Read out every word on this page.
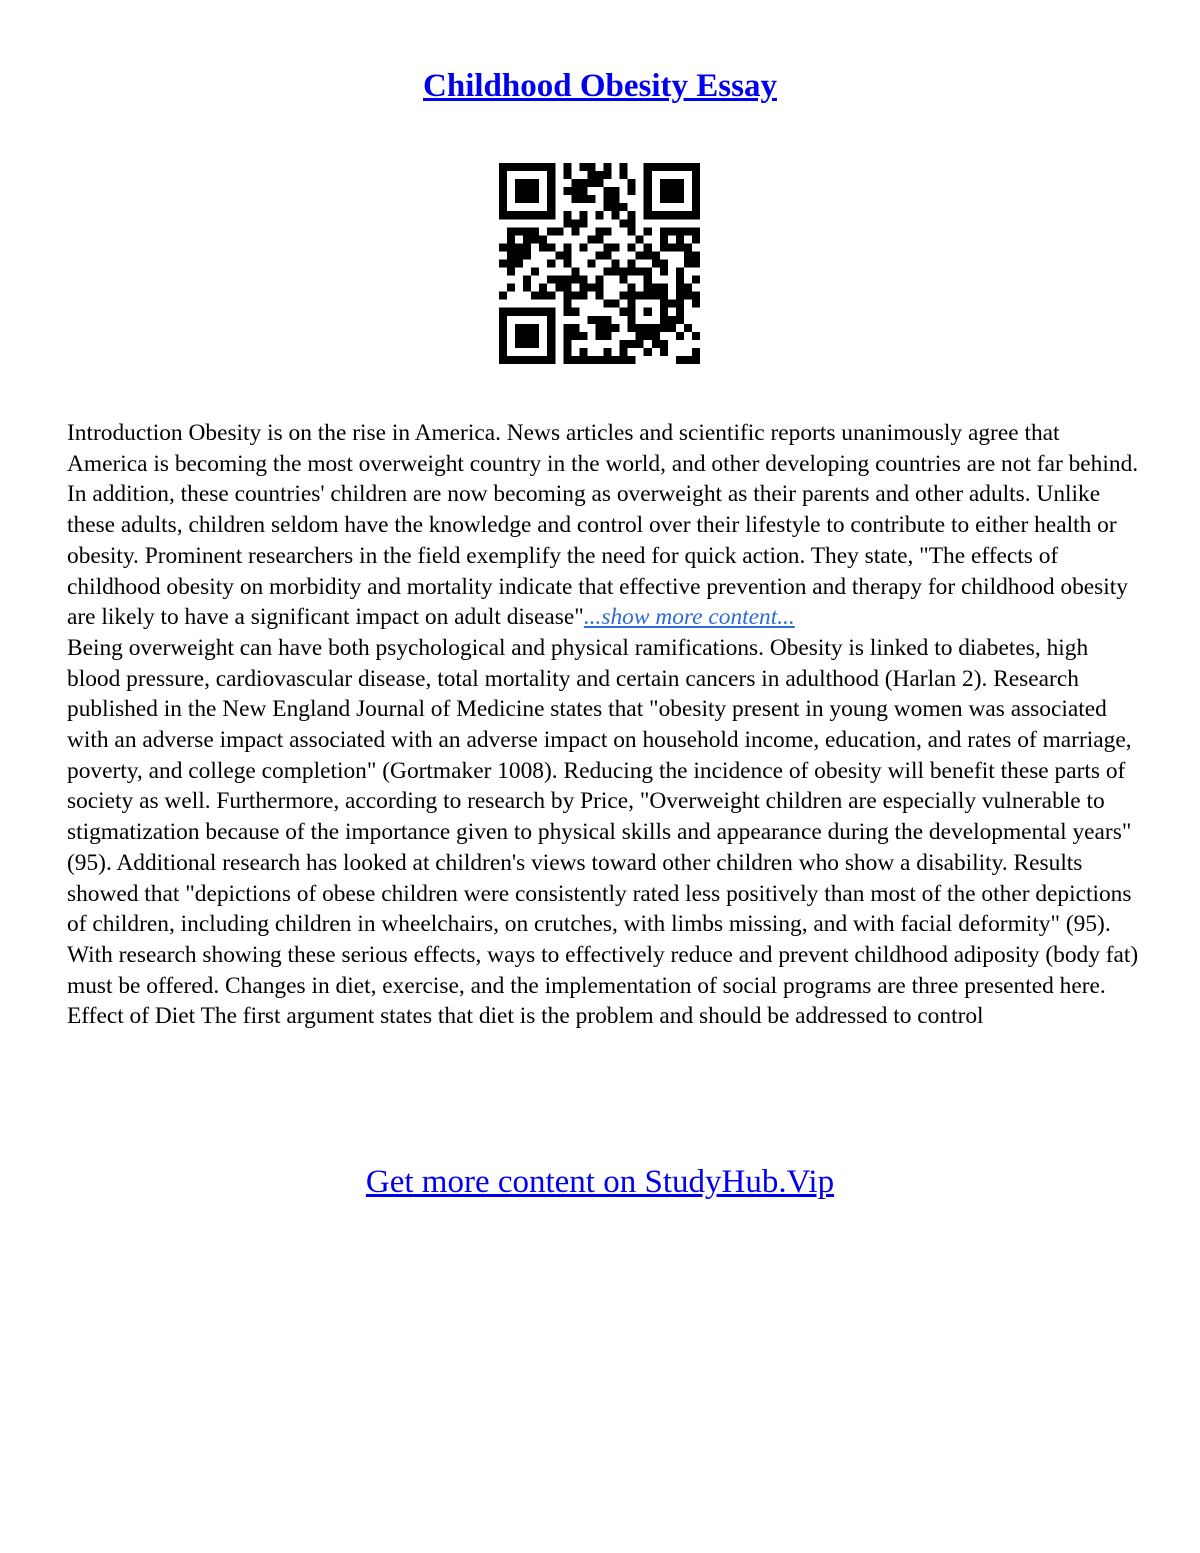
Childhood Obesity Essay

Introduction Obesity is on the rise in America. News articles and scientific reports unanimously agree that America is becoming the most overweight country in the world, and other developing countries are not far behind. In addition, these countries' children are now becoming as overweight as their parents and other adults. Unlike these adults, children seldom have the knowledge and control over their lifestyle to contribute to either health or obesity. Prominent researchers in the field exemplify the need for quick action. They state, "The effects of childhood obesity on morbidity and mortality indicate that effective prevention and therapy for childhood obesity are likely to have a significant impact on adult disease"...show more content...

Being overweight can have both psychological and physical ramifications. Obesity is linked to diabetes, high blood pressure, cardiovascular disease, total mortality and certain cancers in adulthood (Harlan 2). Research published in the New England Journal of Medicine states that "obesity present in young women was associated with an adverse impact associated with an adverse impact on household income, education, and rates of marriage, poverty, and college completion" (Gortmaker 1008). Reducing the incidence of obesity will benefit these parts of society as well. Furthermore, according to research by Price, "Overweight children are especially vulnerable to stigmatization because of the importance given to physical skills and appearance during the developmental years" (95). Additional research has looked at children's views toward other children who show a disability. Results showed that "depictions of obese children were consistently rated less positively than most of the other depictions of children, including children in wheelchairs, on crutches, with limbs missing, and with facial deformity" (95). With research showing these serious effects, ways to effectively reduce and prevent childhood adiposity (body fat) must be offered. Changes in diet, exercise, and the implementation of social programs are three presented here. Effect of Diet The first argument states that diet is the problem and should be addressed to control

Get more content on StudyHub.Vip
